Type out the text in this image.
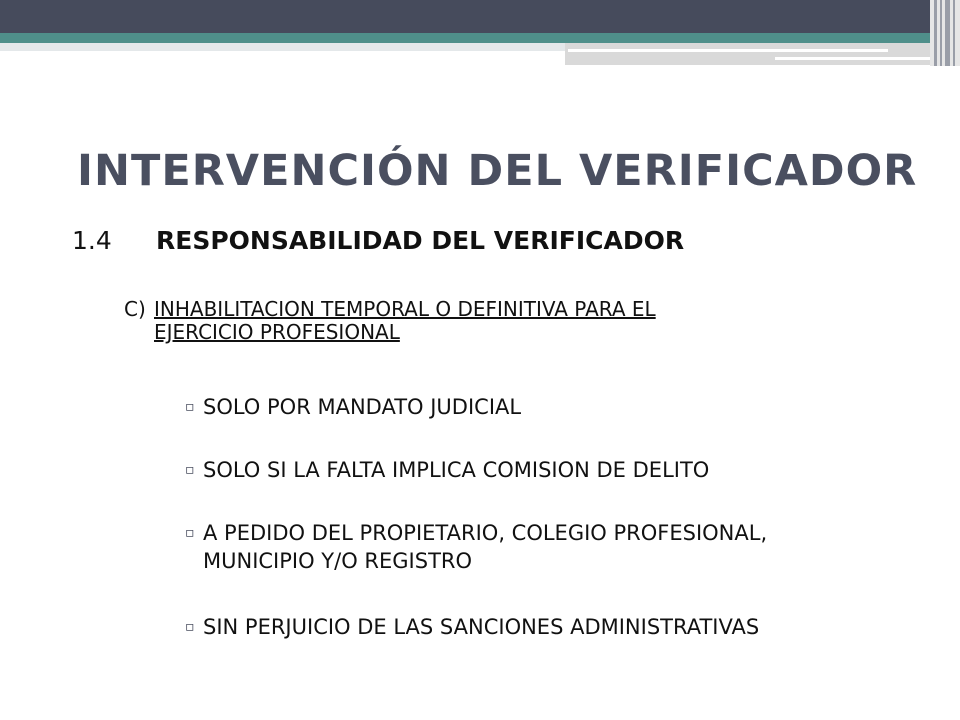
INTERVENCIÓN DEL VERIFICADOR
1.4 RESPONSABILIDAD DEL VERIFICADOR
C) INHABILITACION TEMPORAL O DEFINITIVA PARA EL
EJERCICIO PROFESIONAL
▫ SOLO POR MANDATO JUDICIAL
▫ SOLO SI LA FALTA IMPLICA COMISION DE DELITO
▫ A PEDIDO DEL PROPIETARIO, COLEGIO PROFESIONAL,
MUNICIPIO Y/O REGISTRO
▫ SIN PERJUICIO DE LAS SANCIONES ADMINISTRATIVAS
